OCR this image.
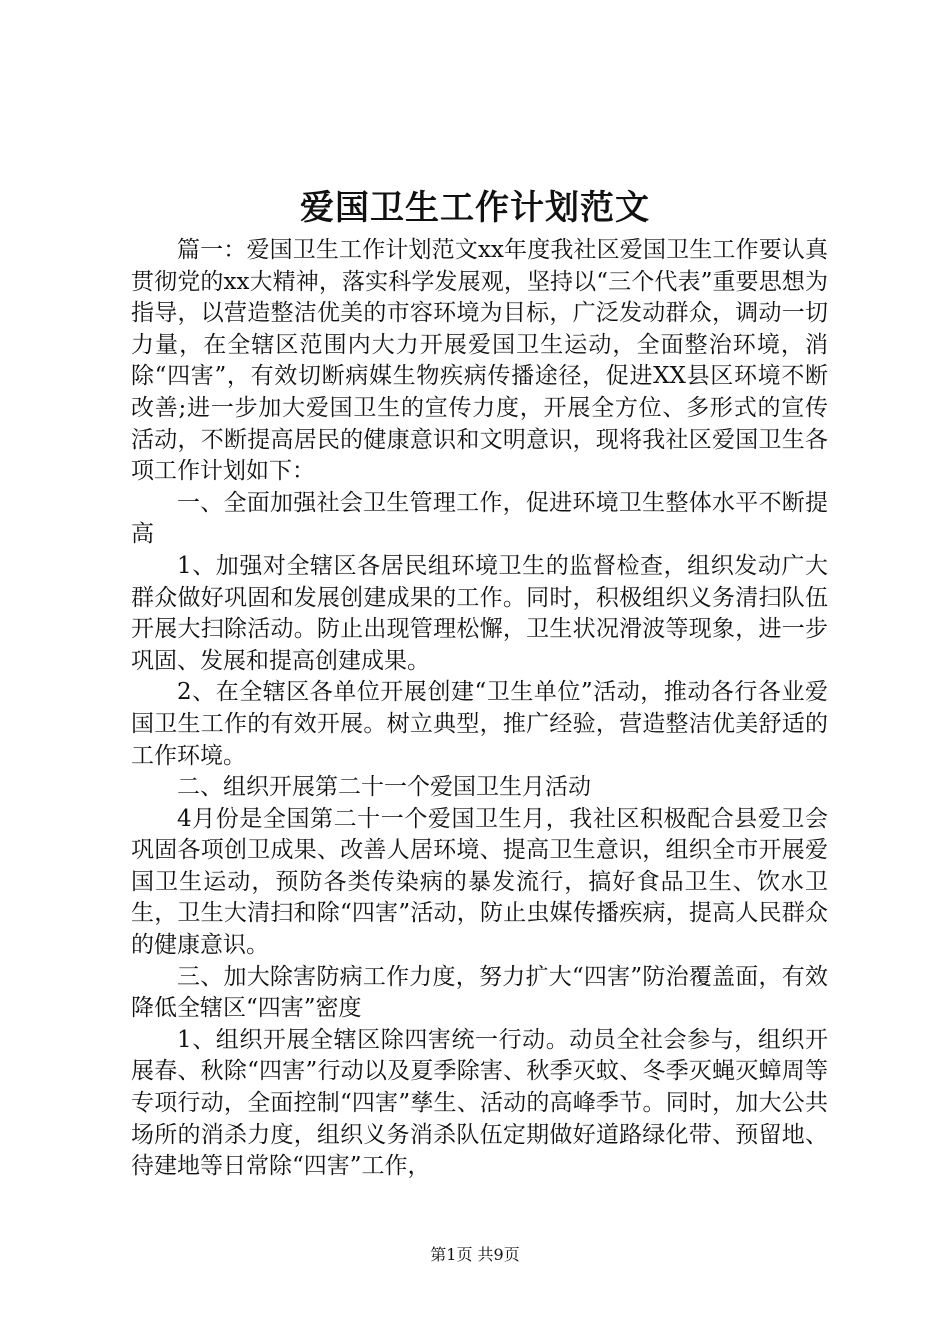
爱国卫生工作计划范文

篇一：爱国卫生工作计划范文xx年度我社区爱国卫生工作要认真贯彻党的xx大精神，落实科学发展观，坚持以“三个代表”重要思想为指导，以营造整洁优美的市容环境为目标，广泛发动群众，调动一切力量，在全辖区范围内大力开展爱国卫生运动，全面整治环境，消除“四害”，有效切断病媒生物疾病传播途径，促进XX县区环境不断改善;进一步加大爱国卫生的宣传力度，开展全方位、多形式的宣传活动，不断提高居民的健康意识和文明意识，现将我社区爱国卫生各项工作计划如下：

一、全面加强社会卫生管理工作，促进环境卫生整体水平不断提高

1、加强对全辖区各居民组环境卫生的监督检查，组织发动广大群众做好巩固和发展创建成果的工作。同时，积极组织义务清扫队伍开展大扫除活动。防止出现管理松懈，卫生状况滑波等现象，进一步巩固、发展和提高创建成果。

2、在全辖区各单位开展创建“卫生单位”活动，推动各行各业爱国卫生工作的有效开展。树立典型，推广经验，营造整洁优美舒适的工作环境。

二、组织开展第二十一个爱国卫生月活动

4月份是全国第二十一个爱国卫生月，我社区积极配合县爱卫会巩固各项创卫成果、改善人居环境、提高卫生意识，组织全市开展爱国卫生运动，预防各类传染病的暴发流行，搞好食品卫生、饮水卫生，卫生大清扫和除“四害”活动，防止虫媒传播疾病，提高人民群众的健康意识。

三、加大除害防病工作力度，努力扩大“四害”防治覆盖面，有效降低全辖区“四害”密度

1、组织开展全辖区除四害统一行动。动员全社会参与，组织开展春、秋除“四害”行动以及夏季除害、秋季灭蚊、冬季灭蝇灭蟑周等专项行动，全面控制“四害”孳生、活动的高峰季节。同时，加大公共场所的消杀力度，组织义务消杀队伍定期做好道路绿化带、预留地、待建地等日常除“四害”工作，

第1页 共9页
